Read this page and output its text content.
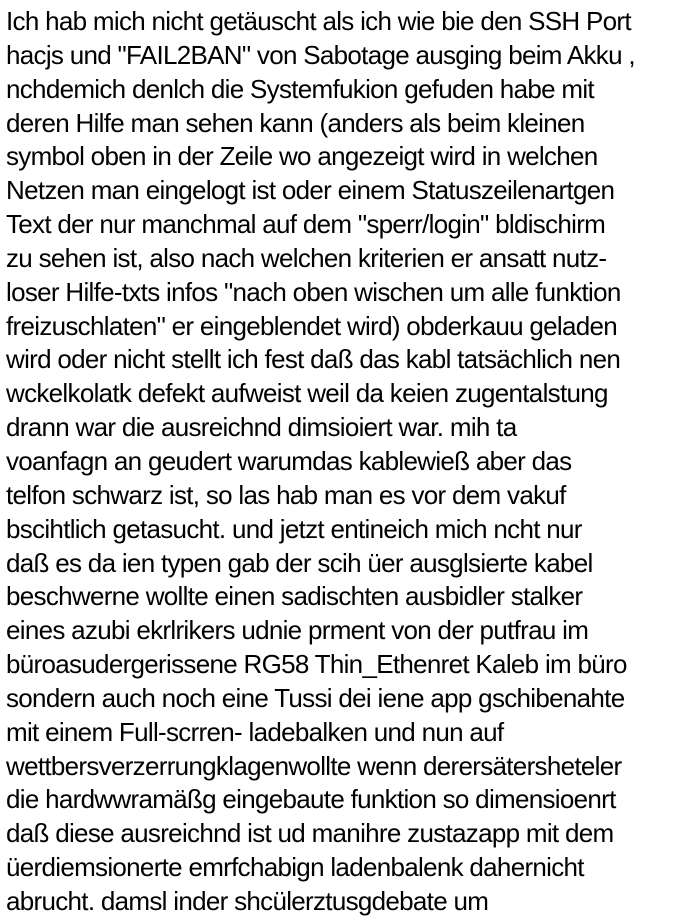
Ich hab mich nicht getäuscht als ich wie bie den SSH Port
hacjs und "FAIL2BAN" von Sabotage ausging beim Akku ,
nchdemich denlch die Systemfukion gefuden habe mit
deren Hilfe man sehen kann (anders als beim kleinen
symbol oben in der Zeile wo angezeigt wird in welchen
Netzen man eingelogt ist oder einem Statuszeilenartgen
Text der nur manchmal auf dem "sperr/login" bldischirm
zu sehen ist, also nach welchen kriterien er ansatt nutz-
loser Hilfe-txts infos "nach oben wischen um alle funktion
freizuschlaten" er eingeblendet wird) obderkauu geladen
wird oder nicht stellt ich fest daß das kabl tatsächlich nen
wckelkolatk defekt aufweist weil da keien zugentalstung
drann war die ausreichnd dimsioiert war. mih ta
voanfagn an geudert warumdas kablewieß aber das
telfon schwarz ist, so las hab man es vor dem vakuf
bscihtlich getasucht. und jetzt entineich mich ncht nur
daß es da ien typen gab der scih üer ausglsierte kabel
beschwerne wollte einen sadischten ausbidler stalker
eines azubi ekrlrikers udnie prment von der putfrau im
büroasudergerissene RG58 Thin_Ethenret Kaleb im büro
sondern auch noch eine Tussi dei iene app gschibenahte
mit einem Full-scrren- ladebalken und nun auf
wettbersverzerrungklagenwollte wenn derersätersheteler
die hardwwramäßg eingebaute funktion so dimensioenrt
daß diese ausreichnd ist ud manihre zustazapp mit dem
üerdiemsionerte emrfchabign ladenbalenk dahernicht
abrucht. damsl inder shcülerztusgdebate um
